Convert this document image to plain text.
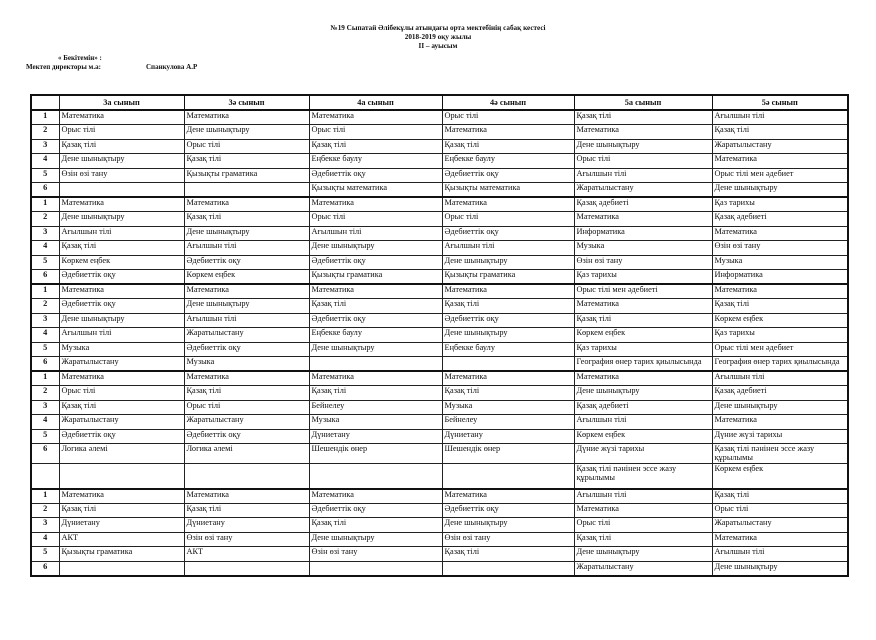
№19 Сыпатай Әлібекұлы атындағы орта мектебінің сабақ кестесі
2018-2019 оқу жылы
II – ауысым
« Бекітемін» :
Мектеп директоры м.а:	Спанкулова А.Р
	3а сынып	3ә сынып	4а сынып	4ә сынып	5а сынып	5ә сынып
1	Математика	Математика	Математика	Орыс тілі	Қазақ тілі	Ағылшын тілі
2	Орыс тілі	Дене шынықтыру	Орыс тілі	Математика	Математика	Қазақ тілі
3	Қазақ тілі	Орыс тілі	Қазақ тілі	Қазақ тілі	Дене шынықтыру	Жаратылыстану
4	Дене шынықтыру	Қазақ тілі	Еңбекке баулу	Еңбекке баулу	Орыс тілі	Математика
5	Өзін өзі тану	Қызықты граматика	Әдебиеттік оқу	Әдебиеттік оқу	Ағылшын тілі	Орыс тілі мен әдебиет
6			Қызықты математика	Қызықты математика	Жаратылыстану	Дене шынықтыру
1	Математика	Математика	Математика	Математика	Қазақ әдебиеті	Қаз тарихы
2	Дене шынықтыру	Қазақ тілі	Орыс тілі	Орыс тілі	Математика	Қазақ әдебиеті
3	Ағылшын тілі	Дене шынықтыру	Ағылшын тілі	Әдебиеттік оқу	Информатика	Математика
4	Қазақ тілі	Ағылшын тілі	Дене шынықтыру	Ағылшын тілі	Музыка	Өзін өзі тану
5	Көркем еңбек	Әдебиеттік оқу	Әдебиеттік оқу	Дене шынықтыру	Өзін өзі тану	Музыка
6	Әдебиеттік оқу	Көркем еңбек	Қызықты граматика	Қызықты граматика	Қаз тарихы	Информатика
1	Математика	Математика	Математика	Математика	Орыс тілі мен әдебиеті	Математика
2	Әдебиеттік оқу	Дене шынықтыру	Қазақ тілі	Қазақ тілі	Математика	Қазақ тілі
3	Дене шынықтыру	Ағылшын тілі	Әдебиеттік оқу	Әдебиеттік оқу	Қазақ тілі	Көркем еңбек
4	Ағылшын тілі	Жаратылыстану	Еңбекке баулу	Дене шынықтыру	Көркем еңбек	Қаз тарихы
5	Музыка	Әдебиеттік оқу	Дене шынықтыру	Еңбекке баулу	Қаз тарихы	Орыс тілі мен әдебиет
6	Жаратылыстану	Музыка			География өнер тарих қиылысында	География өнер тарих қиылысында
1	Математика	Математика	Математика	Математика	Математика	Ағылшын тілі
2	Орыс тілі	Қазақ тілі	Қазақ тілі	Қазақ тілі	Дене шынықтыру	Қазақ әдебиеті
3	Қазақ тілі	Орыс тілі	Бейнелеу	Музыка	Қазақ әдебиеті	Дене шынықтыру
4	Жаратылыстану	Жаратылыстану	Музыка	Бейнелеу	Ағылшын тілі	Математика
5	Әдебиеттік оқу	Әдебиеттік оқу	Дүниетану	Дүниетану	Көркем еңбек	Дүние жүзі тарихы
6	Логика әлемі	Логика әлемі	Шешендік өнер	Шешендік өнер	Дүние жүзі тарихы	Қазақ тілі пәнінен эссе жазу құрылымы
					Қазақ тілі пәнінен эссе жазу құрылымы	Көркем еңбек
1	Математика	Математика	Математика	Математика	Ағылшын тілі	Қазақ тілі
2	Қазақ тілі	Қазақ тілі	Әдебиеттік оқу	Әдебиеттік оқу	Математика	Орыс тілі
3	Дүниетану	Дүниетану	Қазақ тілі	Дене шынықтыру	Орыс тілі	Жаратылыстану
4	АКТ	Өзін өзі тану	Дене шынықтыру	Өзін өзі тану	Қазақ тілі	Математика
5	Қызықты граматика	АКТ	Өзін өзі тану	Қазақ тілі	Дене шынықтыру	Ағылшын тілі
6					Жаратылыстану	Дене шынықтыру
